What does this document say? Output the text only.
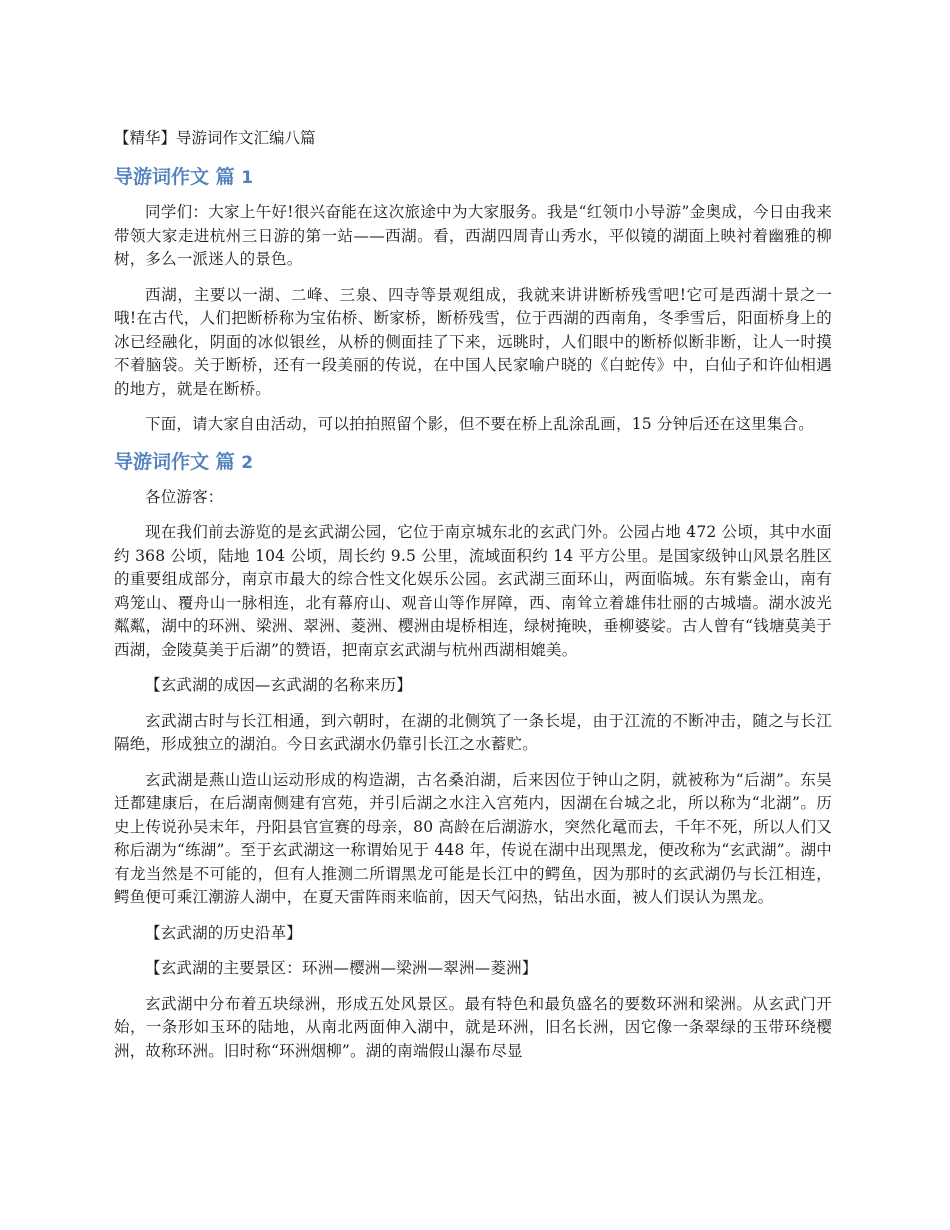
【精华】导游词作文汇编八篇
导游词作文 篇 1

同学们：大家上午好!很兴奋能在这次旅途中为大家服务。我是“红领巾小导游”金奥成，今日由我来带领大家走进杭州三日游的第一站——西湖。看，西湖四周青山秀水，平似镜的湖面上映衬着幽雅的柳树，多么一派迷人的景色。

西湖，主要以一湖、二峰、三泉、四寺等景观组成，我就来讲讲断桥残雪吧!它可是西湖十景之一哦!在古代，人们把断桥称为宝佑桥、断家桥，断桥残雪，位于西湖的西南角，冬季雪后，阳面桥身上的冰已经融化，阴面的冰似银丝，从桥的侧面挂了下来，远眺时，人们眼中的断桥似断非断，让人一时摸不着脑袋。关于断桥，还有一段美丽的传说，在中国人民家喻户晓的《白蛇传》中，白仙子和许仙相遇的地方，就是在断桥。

下面，请大家自由活动，可以拍拍照留个影，但不要在桥上乱涂乱画，15 分钟后还在这里集合。

导游词作文 篇 2

各位游客：

现在我们前去游览的是玄武湖公园，它位于南京城东北的玄武门外。公园占地 472 公顷，其中水面约 368 公顷，陆地 104 公顷，周长约 9.5 公里，流域面积约 14 平方公里。是国家级钟山风景名胜区的重要组成部分，南京市最大的综合性文化娱乐公园。玄武湖三面环山，两面临城。东有紫金山，南有鸡笼山、覆舟山一脉相连，北有幕府山、观音山等作屏障，西、南耸立着雄伟壮丽的古城墙。湖水波光粼粼，湖中的环洲、梁洲、翠洲、菱洲、樱洲由堤桥相连，绿树掩映，垂柳婆娑。古人曾有“钱塘莫美于西湖，金陵莫美于后湖”的赞语，把南京玄武湖与杭州西湖相媲美。

【玄武湖的成因—玄武湖的名称来历】

玄武湖古时与长江相通，到六朝时，在湖的北侧筑了一条长堤，由于江流的不断冲击，随之与长江隔绝，形成独立的湖泊。今日玄武湖水仍靠引长江之水蓄贮。

玄武湖是燕山造山运动形成的构造湖，古名桑泊湖，后来因位于钟山之阴，就被称为“后湖”。东吴迁都建康后，在后湖南侧建有宫苑，并引后湖之水注入宫苑内，因湖在台城之北，所以称为“北湖”。历史上传说孙吴末年，丹阳县官宣赛的母亲，80 高龄在后湖游水，突然化鼋而去，千年不死，所以人们又称后湖为“练湖”。至于玄武湖这一称谓始见于 448 年，传说在湖中出现黑龙，便改称为“玄武湖”。湖中有龙当然是不可能的，但有人推测二所谓黑龙可能是长江中的鳄鱼，因为那时的玄武湖仍与长江相连，鳄鱼便可乘江潮游人湖中，在夏天雷阵雨来临前，因天气闷热，钻出水面，被人们误认为黑龙。

【玄武湖的历史沿革】

【玄武湖的主要景区：环洲—樱洲—梁洲—翠洲—菱洲】

玄武湖中分布着五块绿洲，形成五处风景区。最有特色和最负盛名的要数环洲和梁洲。从玄武门开始，一条形如玉环的陆地，从南北两面伸入湖中，就是环洲，旧名长洲，因它像一条翠绿的玉带环绕樱洲，故称环洲。旧时称“环洲烟柳”。湖的南端假山瀑布尽显
